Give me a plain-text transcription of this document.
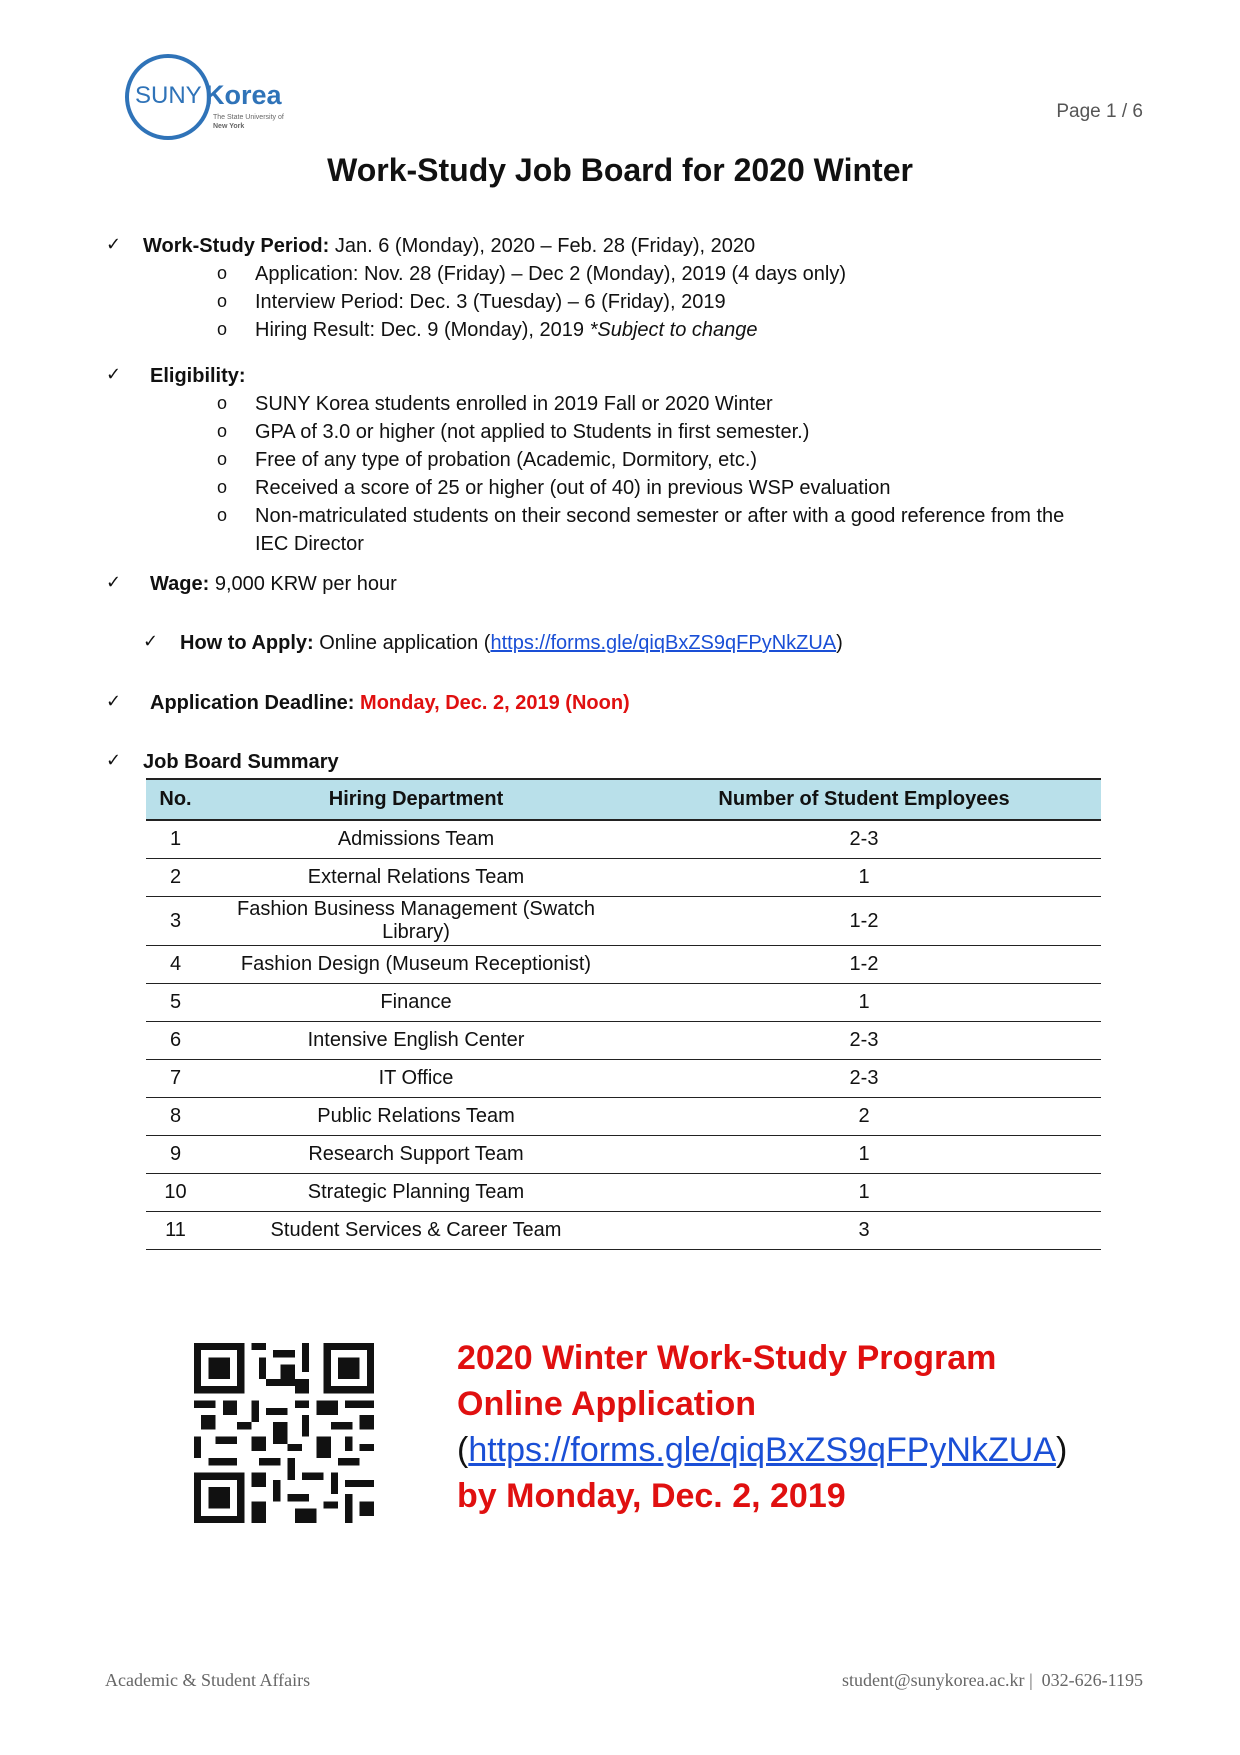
SUNY Korea
The State University of
New York
Page 1 / 6
Work-Study Job Board for 2020 Winter
✓ Work-Study Period: Jan. 6 (Monday), 2020 – Feb. 28 (Friday), 2020
o Application: Nov. 28 (Friday) – Dec 2 (Monday), 2019 (4 days only)
o Interview Period: Dec. 3 (Tuesday) – 6 (Friday), 2019
o Hiring Result: Dec. 9 (Monday), 2019 *Subject to change
✓ Eligibility:
o SUNY Korea students enrolled in 2019 Fall or 2020 Winter
o GPA of 3.0 or higher (not applied to Students in first semester.)
o Free of any type of probation (Academic, Dormitory, etc.)
o Received a score of 25 or higher (out of 40) in previous WSP evaluation
o Non-matriculated students on their second semester or after with a good reference from the
IEC Director
✓ Wage: 9,000 KRW per hour
✓ How to Apply: Online application (https://forms.gle/qiqBxZS9qFPyNkZUA)
✓ Application Deadline: Monday, Dec. 2, 2019 (Noon)
✓ Job Board Summary
No.	Hiring Department	Number of Student Employees
1	Admissions Team	2-3
2	External Relations Team	1
3	Fashion Business Management (Swatch Library)	1-2
4	Fashion Design (Museum Receptionist)	1-2
5	Finance	1
6	Intensive English Center	2-3
7	IT Office	2-3
8	Public Relations Team	2
9	Research Support Team	1
10	Strategic Planning Team	1
11	Student Services & Career Team	3
2020 Winter Work-Study Program
Online Application
(https://forms.gle/qiqBxZS9qFPyNkZUA)
by Monday, Dec. 2, 2019
Academic & Student Affairs	student@sunykorea.ac.kr |  032-626-1195
